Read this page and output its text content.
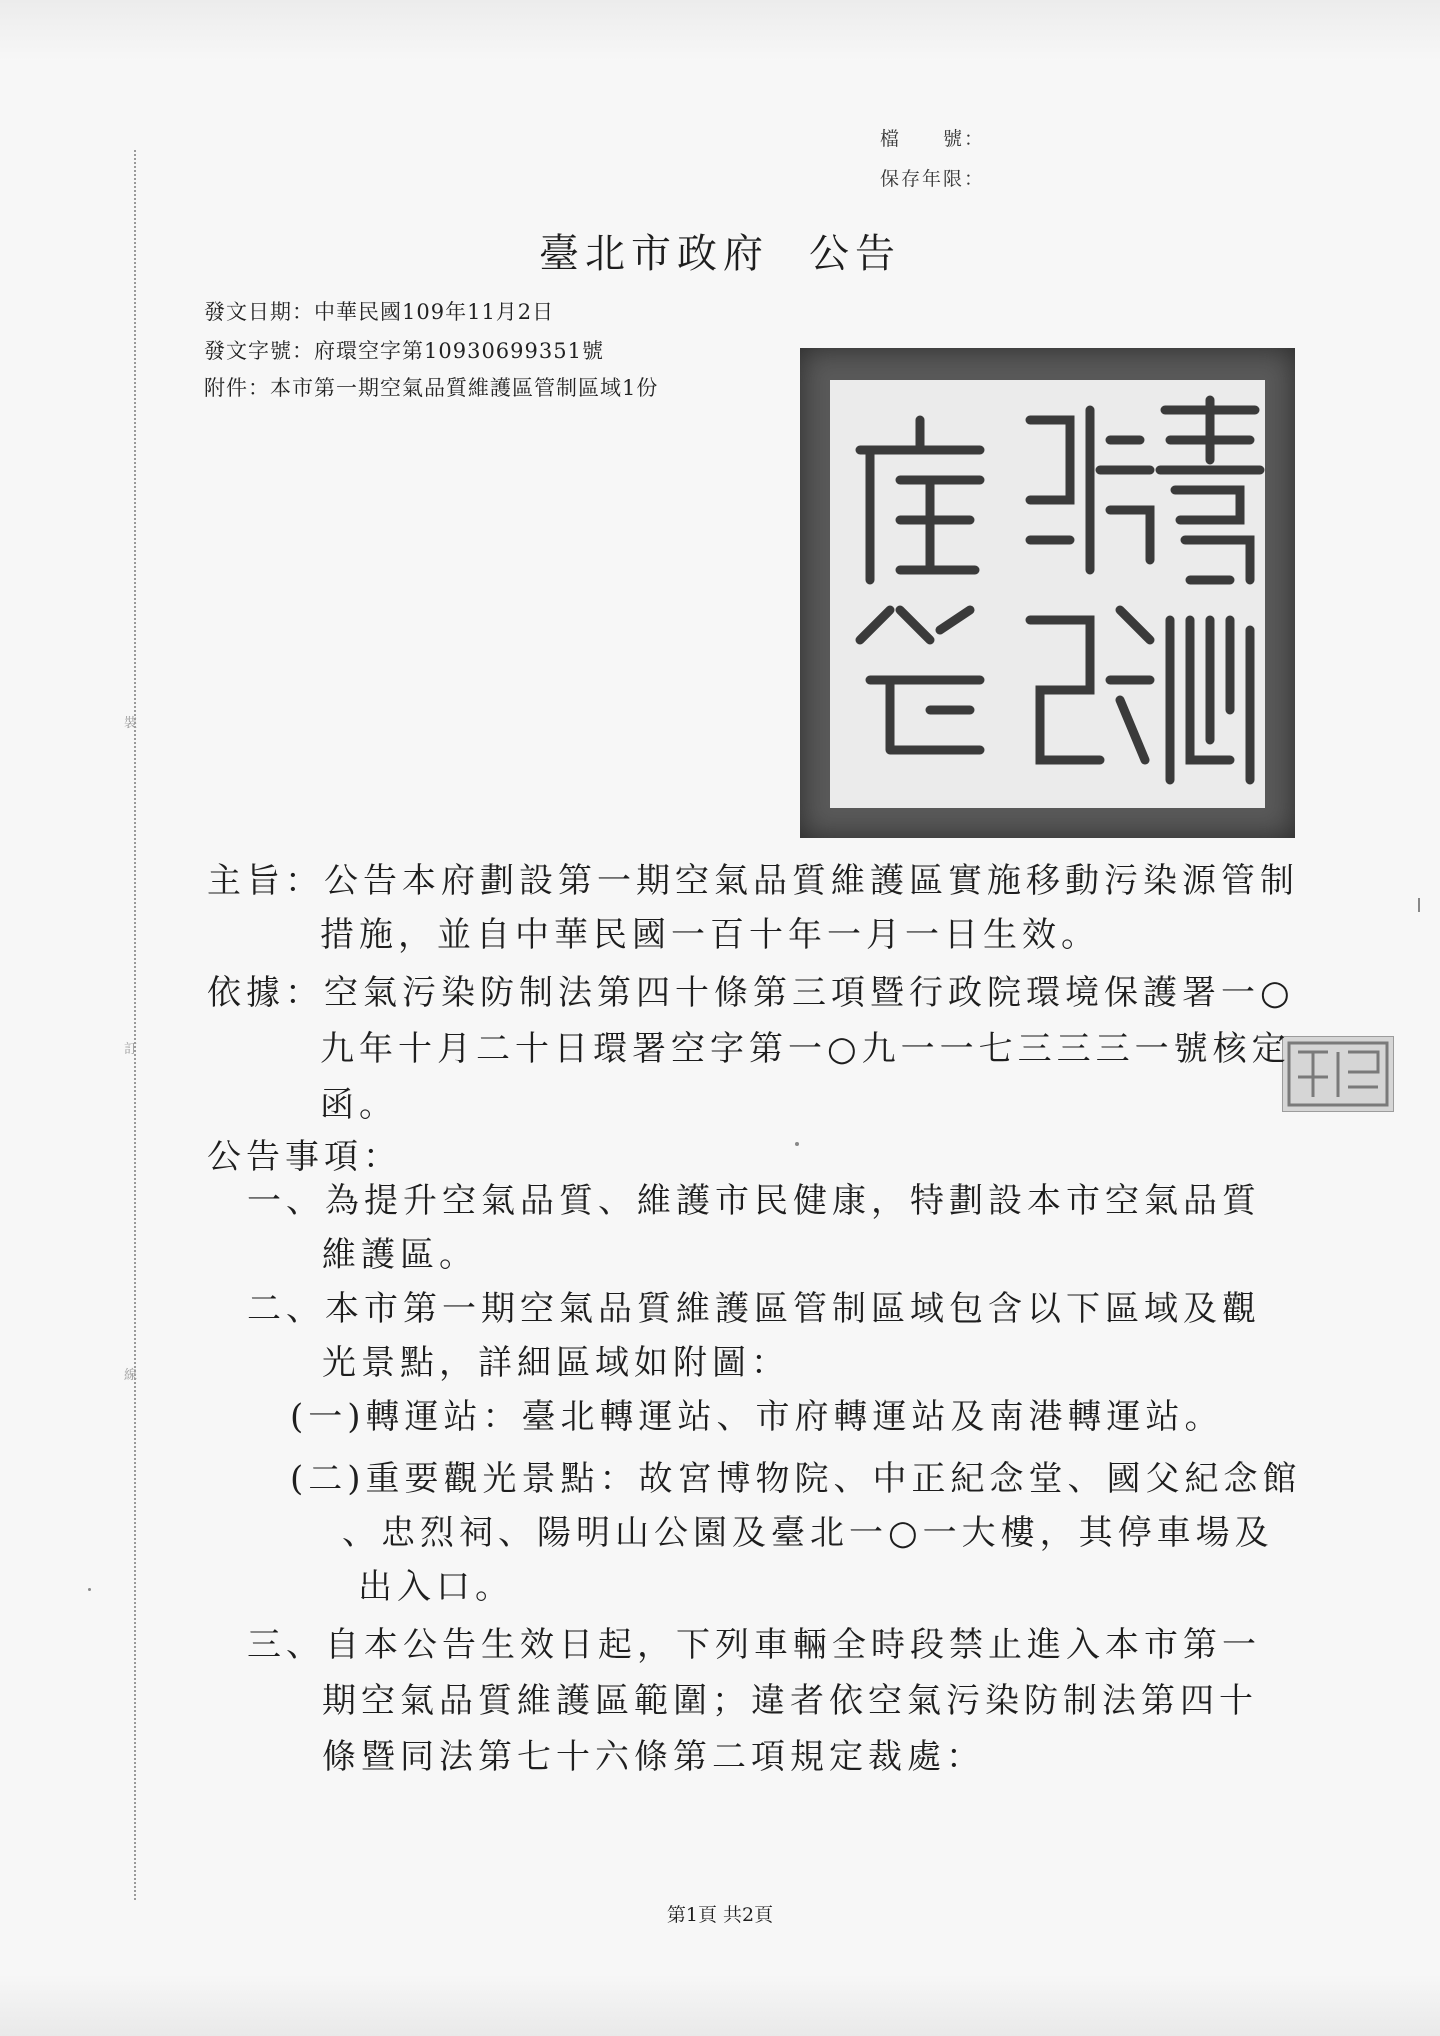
裝
訂
線
檔　　號：
保存年限：
臺北市政府 公告
發文日期：中華民國109年11月2日
發文字號：府環空字第10930699351號
附件：本市第一期空氣品質維護區管制區域1份
主旨：公告本府劃設第一期空氣品質維護區實施移動污染源管制
措施，並自中華民國一百十年一月一日生效。
依據：空氣污染防制法第四十條第三項暨行政院環境保護署一○
九年十月二十日環署空字第一○九一一七三三三一號核定
函。
公告事項：
一、為提升空氣品質、維護市民健康，特劃設本市空氣品質
維護區。
二、本市第一期空氣品質維護區管制區域包含以下區域及觀
光景點，詳細區域如附圖：
(一)轉運站：臺北轉運站、市府轉運站及南港轉運站。
(二)重要觀光景點：故宮博物院、中正紀念堂、國父紀念館
、忠烈祠、陽明山公園及臺北一○一大樓，其停車場及
出入口。
三、自本公告生效日起，下列車輛全時段禁止進入本市第一
期空氣品質維護區範圍；違者依空氣污染防制法第四十
條暨同法第七十六條第二項規定裁處：
第1頁 共2頁
